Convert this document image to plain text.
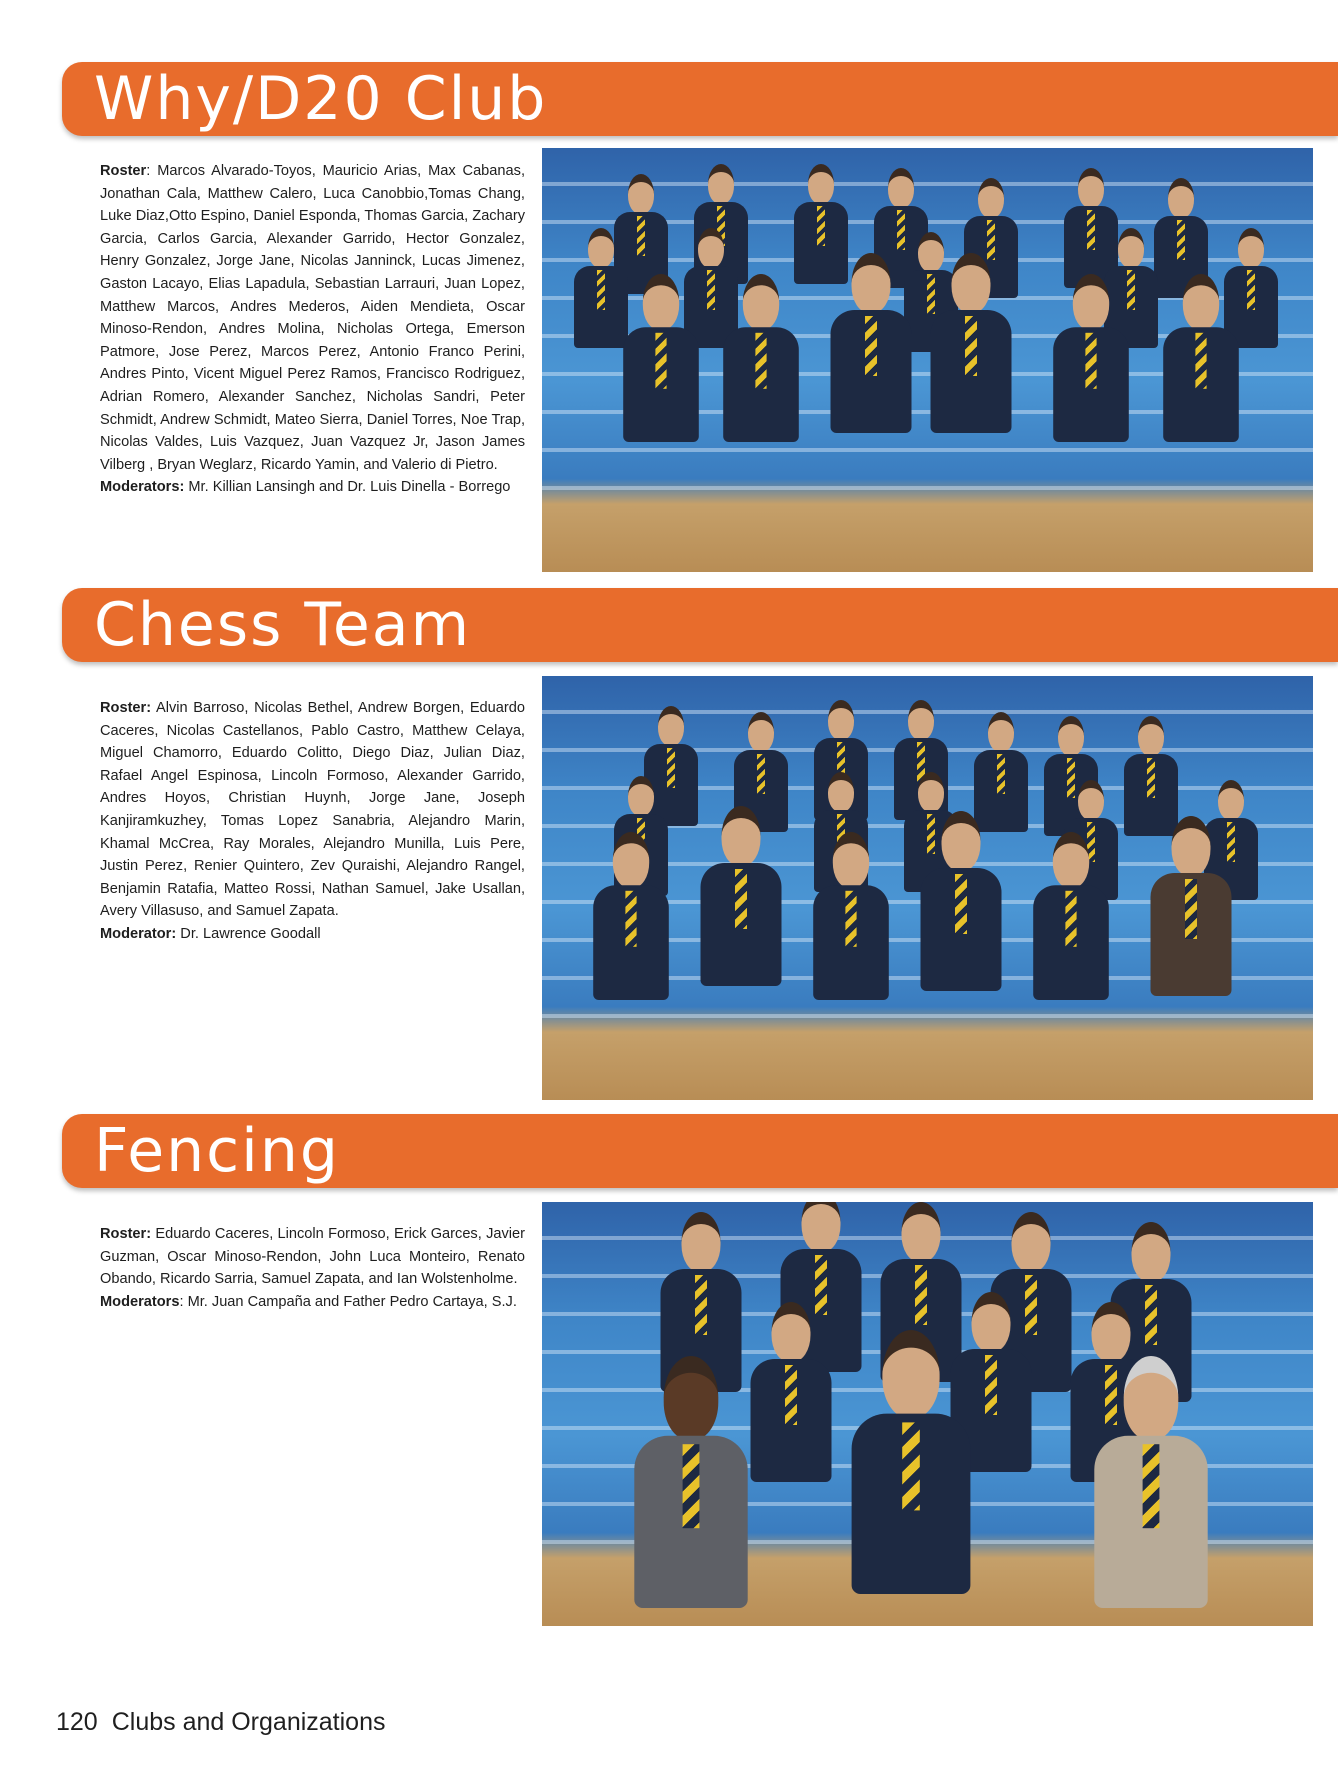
Why/D20 Club

Roster: Marcos Alvarado-Toyos, Mauricio Arias, Max Cabanas, Jonathan Cala, Matthew Calero, Luca Canobbio,Tomas Chang, Luke Diaz,Otto Espino, Daniel Esponda, Thomas Garcia, Zachary Garcia, Carlos Garcia, Alexander Garrido, Hector Gonzalez, Henry Gonzalez, Jorge Jane, Nicolas Janninck, Lucas Jimenez, Gaston Lacayo, Elias Lapadula, Sebastian Larrauri, Juan Lopez, Matthew Marcos, Andres Mederos, Aiden Mendieta, Oscar Minoso-Rendon, Andres Molina, Nicholas Ortega, Emerson Patmore, Jose Perez, Marcos Perez, Antonio Franco Perini, Andres Pinto, Vicent Miguel Perez Ramos, Francisco Rodriguez, Adrian Romero, Alexander Sanchez, Nicholas Sandri, Peter Schmidt, Andrew Schmidt, Mateo Sierra, Daniel Torres, Noe Trap, Nicolas Valdes, Luis Vazquez, Juan Vazquez Jr, Jason James Vilberg , Bryan Weglarz, Ricardo Yamin, and Valerio di Pietro.

Moderators: Mr. Killian Lansingh and Dr. Luis Dinella - Borrego

Chess Team

Roster: Alvin Barroso, Nicolas Bethel, Andrew Borgen, Eduardo Caceres, Nicolas Castellanos, Pablo Castro, Matthew Celaya, Miguel Chamorro, Eduardo Colitto, Diego Diaz, Julian Diaz, Rafael Angel Espinosa, Lincoln Formoso, Alexander Garrido, Andres Hoyos, Christian Huynh, Jorge Jane, Joseph Kanjiramkuzhey, Tomas Lopez Sanabria, Alejandro Marin, Khamal McCrea, Ray Morales, Alejandro Munilla, Luis Pere, Justin Perez, Renier Quintero, Zev Quraishi, Alejandro Rangel, Benjamin Ratafia, Matteo Rossi, Nathan Samuel, Jake Usallan, Avery Villasuso, and Samuel Zapata.

Moderator: Dr. Lawrence Goodall

Fencing

Roster: Eduardo Caceres, Lincoln Formoso, Erick Garces, Javier Guzman, Oscar Minoso-Rendon, John Luca Monteiro, Renato Obando, Ricardo Sarria, Samuel Zapata, and Ian Wolstenholme.

Moderators: Mr. Juan Campaña and Father Pedro Cartaya, S.J.

120 Clubs and Organizations
